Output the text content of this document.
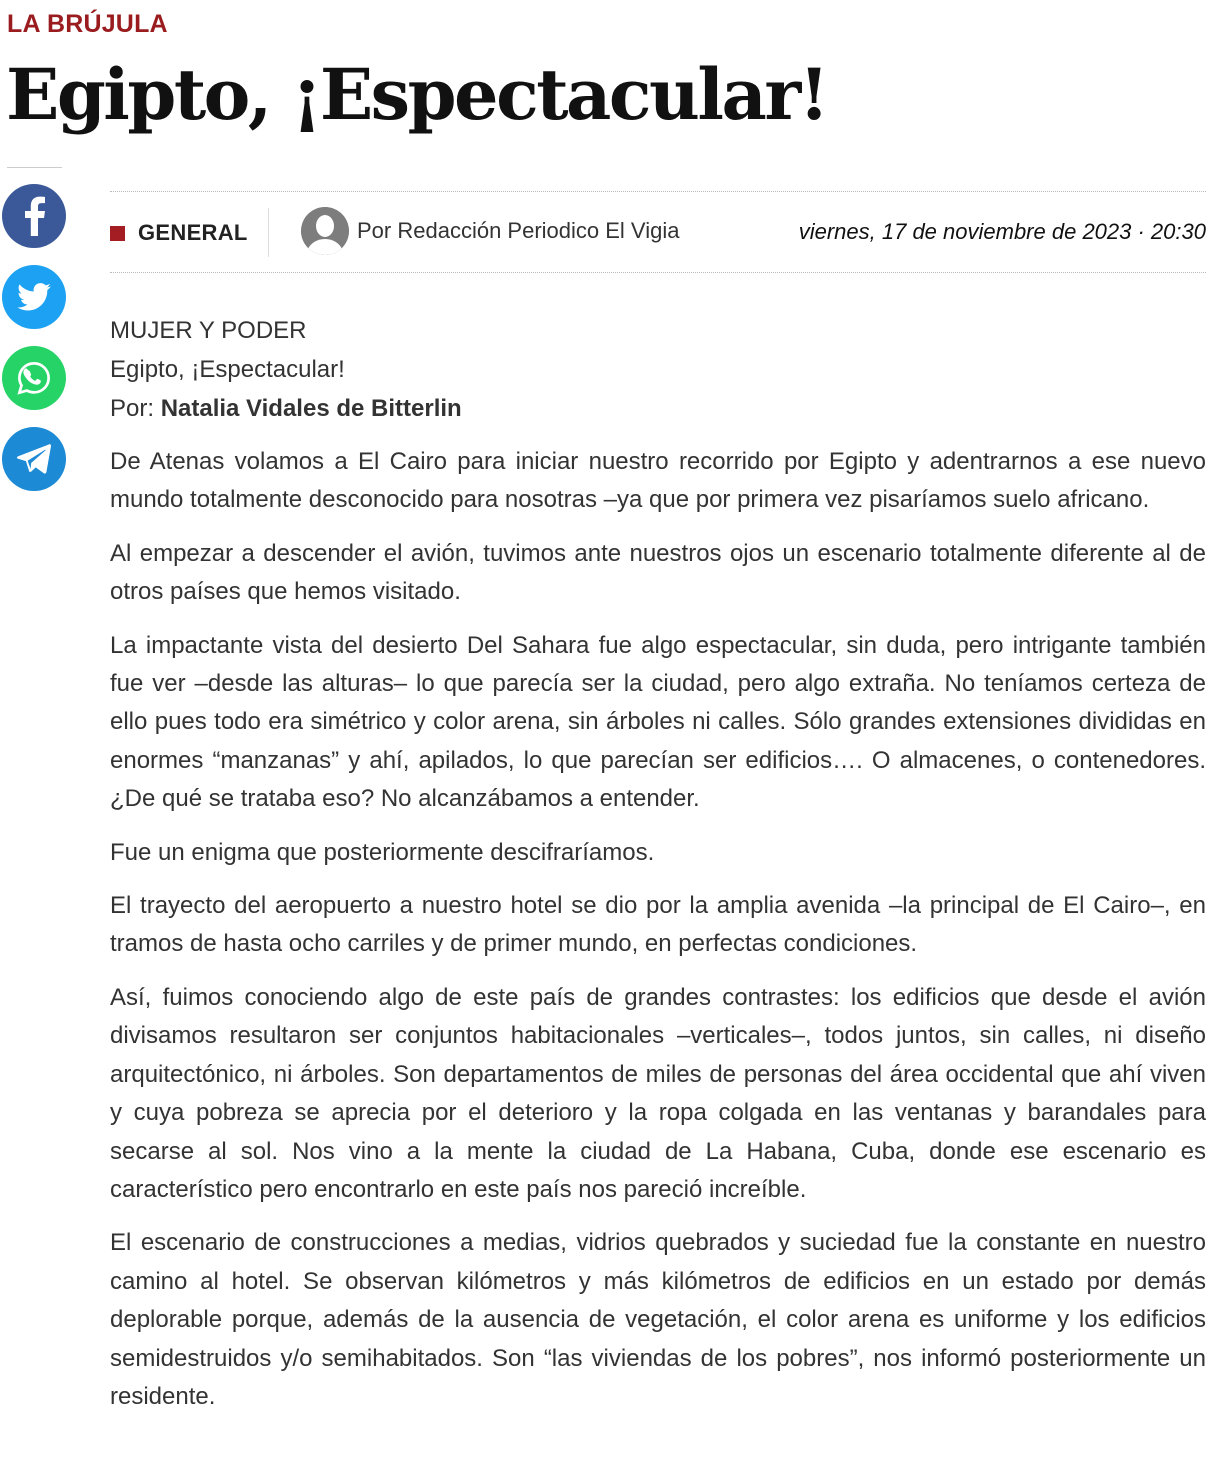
LA BRÚJULA
Egipto, ¡Espectacular!
GENERAL	Por Redacción Periodico El Vigia	viernes, 17 de noviembre de 2023 · 20:30
MUJER Y PODER
Egipto, ¡Espectacular!
Por: Natalia Vidales de Bitterlin

De Atenas volamos a El Cairo para iniciar nuestro recorrido por Egipto y adentrarnos a ese nuevo mundo totalmente desconocido para nosotras –ya que por primera vez pisaríamos suelo africano.

Al empezar a descender el avión, tuvimos ante nuestros ojos un escenario totalmente diferente al de otros países que hemos visitado.

La impactante vista del desierto Del Sahara fue algo espectacular, sin duda, pero intrigante también fue ver –desde las alturas– lo que parecía ser la ciudad, pero algo extraña. No teníamos certeza de ello pues todo era simétrico y color arena, sin árboles ni calles. Sólo grandes extensiones divididas en enormes “manzanas” y ahí, apilados, lo que parecían ser edificios…. O almacenes, o contenedores. ¿De qué se trataba eso? No alcanzábamos a entender.

Fue un enigma que posteriormente descifraríamos.

El trayecto del aeropuerto a nuestro hotel se dio por la amplia avenida –la principal de El Cairo–, en tramos de hasta ocho carriles y de primer mundo, en perfectas condiciones.

Así, fuimos conociendo algo de este país de grandes contrastes: los edificios que desde el avión divisamos resultaron ser conjuntos habitacionales –verticales–, todos juntos, sin calles, ni diseño arquitectónico, ni árboles. Son departamentos de miles de personas del área occidental que ahí viven y cuya pobreza se aprecia por el deterioro y la ropa colgada en las ventanas y barandales para secarse al sol. Nos vino a la mente la ciudad de La Habana, Cuba, donde ese escenario es característico pero encontrarlo en este país nos pareció increíble.

El escenario de construcciones a medias, vidrios quebrados y suciedad fue la constante en nuestro camino al hotel. Se observan kilómetros y más kilómetros de edificios en un estado por demás deplorable porque, además de la ausencia de vegetación, el color arena es uniforme y los edificios semidestruidos y/o semihabitados. Son “las viviendas de los pobres”, nos informó posteriormente un residente.
